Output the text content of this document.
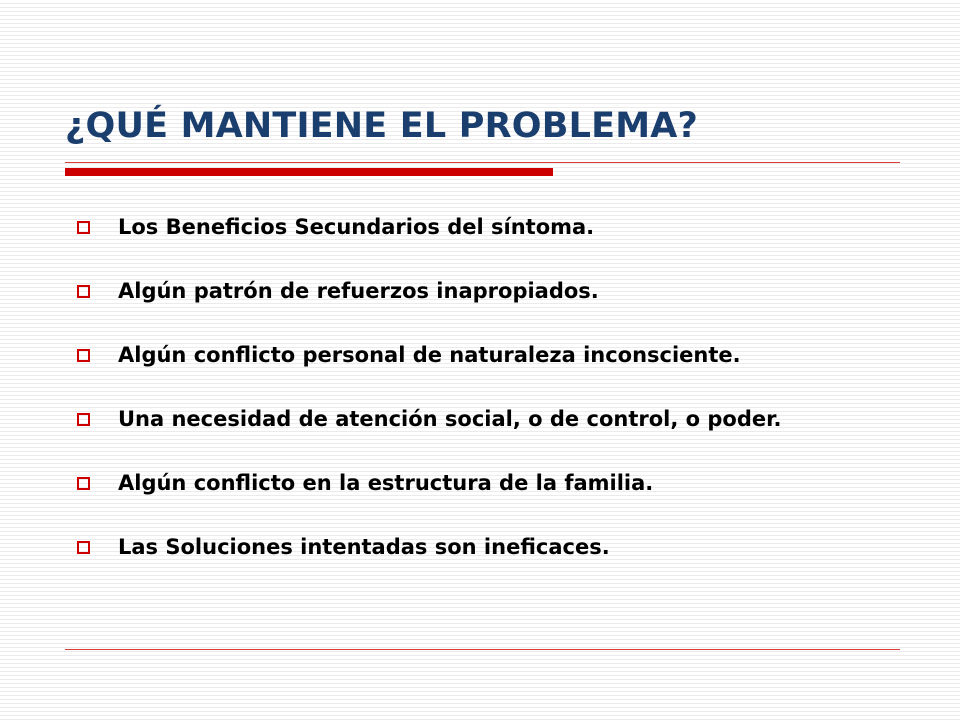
¿QUÉ MANTIENE EL PROBLEMA?
Los Beneficios Secundarios del síntoma.
Algún patrón de refuerzos inapropiados.
Algún conflicto personal de naturaleza inconsciente.
Una necesidad de atención social, o de control, o poder.
Algún conflicto en la estructura de la familia.
Las Soluciones intentadas son ineficaces.
